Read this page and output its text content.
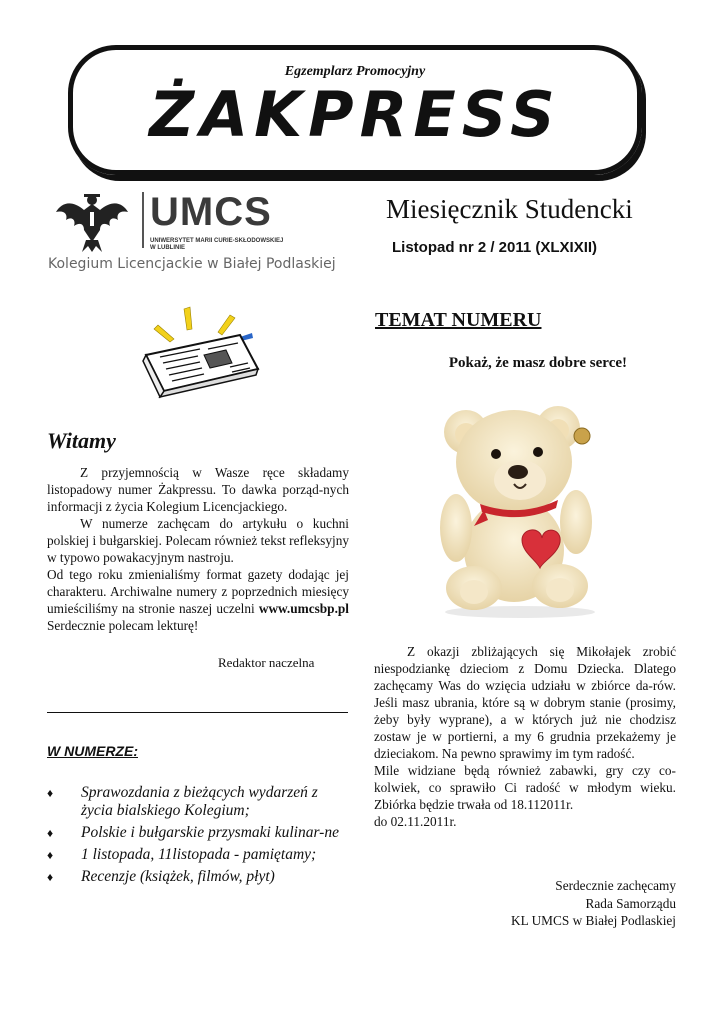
Egzemplarz Promocyjny
ŻAKPRESS
UMCS
UNIWERSYTET MARII CURIE-SKŁODOWSKIEJ W LUBLINIE
Kolegium Licencjackie w Białej Podlaskiej
Miesięcznik Studencki
Listopad nr 2 / 2011 (XLXIXII)
Witamy

Z przyjemnością w Wasze ręce składamy listopadowy numer Żakpressu. To dawka porząd-nych informacji z życia Kolegium Licencjackiego.

W numerze zachęcam do artykułu o kuchni polskiej i bułgarskiej. Polecam również tekst refleksyjny w typowo powakacyjnym nastroju.

Od tego roku zmienialiśmy format gazety dodając jej charakteru. Archiwalne numery z poprzednich miesięcy umieściliśmy na stronie naszej uczelni www.umcsbp.pl Serdecznie polecam lekturę!

Redaktor naczelna
W NUMERZE:
♦ Sprawozdania z bieżących wydarzeń z życia bialskiego Kolegium;
♦ Polskie i bułgarskie przysmaki kulinar-ne
♦ 1 listopada, 11listopada - pamiętamy;
♦ Recenzje (książek, filmów, płyt)
TEMAT NUMERU
Pokaż, że masz dobre serce!

Z okazji zbliżających się Mikołajek zrobić niespodziankę dzieciom z Domu Dziecka. Dlatego zachęcamy Was do wzięcia udziału w zbiórce da-rów. Jeśli masz ubrania, które są w dobrym stanie (prosimy, żeby były wyprane), a w których już nie chodzisz zostaw je w portierni, a my 6 grudnia przekażemy je dzieciakom. Na pewno sprawimy im tym radość.

Mile widziane będą również zabawki, gry czy co-kolwiek, co sprawiło Ci radość w młodym wieku. Zbiórka będzie trwała od 18.112011r.

do 02.11.2011r.

Serdecznie zachęcamy
Rada Samorządu
KL UMCS w Białej Podlaskiej
